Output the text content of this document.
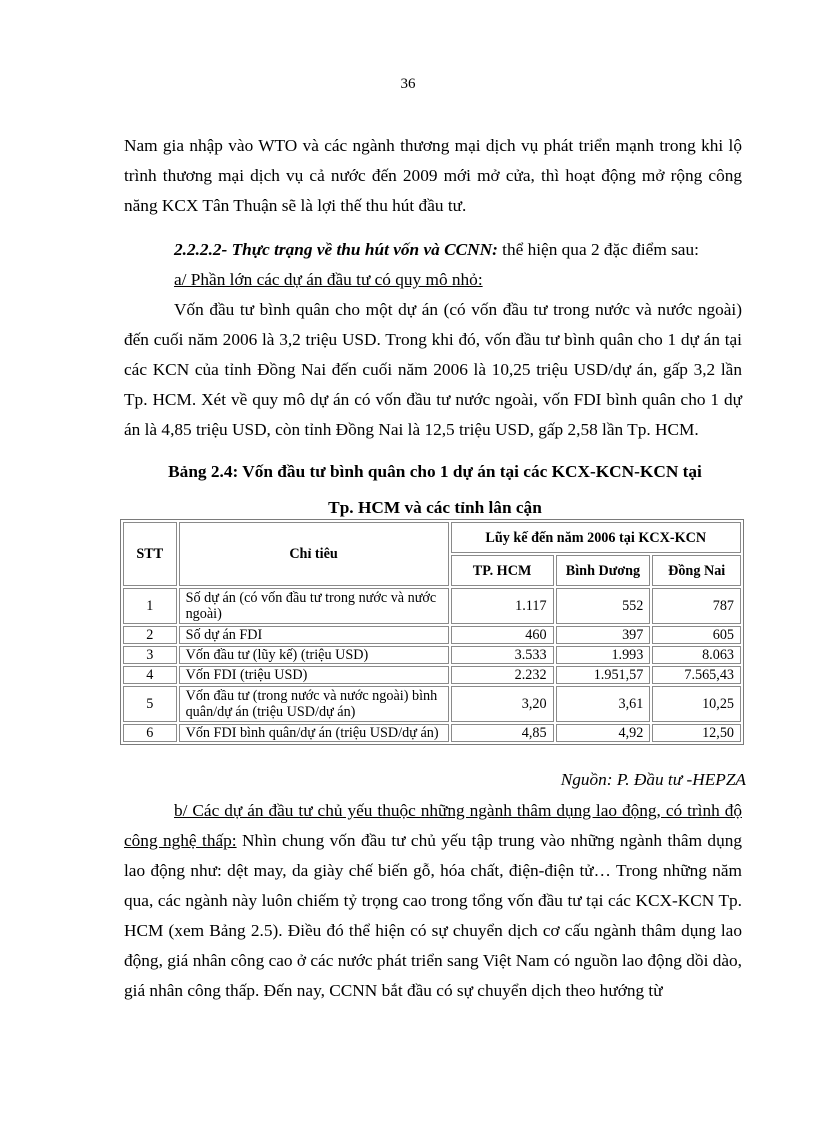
36
Nam gia nhập vào WTO và các ngành thương mại dịch vụ phát triển mạnh trong khi lộ
trình thương mại dịch vụ cả nước đến 2009 mới mở cửa, thì hoạt động mở rộng công
năng KCX Tân Thuận sẽ là lợi thế thu hút đầu tư.
2.2.2.2- Thực trạng về thu hút vốn và CCNN: thể hiện qua 2 đặc điểm sau:
a/ Phần lớn các dự án đầu tư có quy mô nhỏ:

Vốn đầu tư bình quân cho một dự án (có vốn đầu tư trong nước và nước ngoài) đến cuối năm 2006 là 3,2 triệu USD. Trong khi đó, vốn đầu tư bình quân cho 1 dự án tại các KCN của tỉnh Đồng Nai đến cuối năm 2006 là 10,25 triệu USD/dự án, gấp 3,2 lần Tp. HCM. Xét về quy mô dự án có vốn đầu tư nước ngoài, vốn FDI bình quân cho 1 dự án là 4,85 triệu USD, còn tỉnh Đồng Nai là 12,5 triệu USD, gấp 2,58 lần Tp. HCM.

Bảng 2.4: Vốn đầu tư bình quân cho 1 dự án tại các KCX-KCN-KCN tại
Tp. HCM và các tỉnh lân cận
STT	Chỉ tiêu	Lũy kế đến năm 2006 tại KCX-KCN		
		TP. HCM	Bình Dương	Đồng Nai
1	Số dự án (có vốn đầu tư trong nước và nước ngoài)	1.117	552	787
2	Số dự án FDI	460	397	605
3	Vốn đầu tư (lũy kế) (triệu USD)	3.533	1.993	8.063
4	Vốn FDI (triệu USD)	2.232	1.951,57	7.565,43
5	Vốn đầu tư (trong nước và nước ngoài) bình quân/dự án (triệu USD/dự án)	3,20	3,61	10,25
6	Vốn FDI bình quân/dự án (triệu USD/dự án)	4,85	4,92	12,50
Nguồn: P. Đầu tư -HEPZA

b/ Các dự án đầu tư chủ yếu thuộc những ngành thâm dụng lao động, có trình độ công nghệ thấp: Nhìn chung vốn đầu tư chủ yếu tập trung vào những ngành thâm dụng lao động như: dệt may, da giày chế biến gỗ, hóa chất, điện-điện tử… Trong những năm qua, các ngành này luôn chiếm tỷ trọng cao trong tổng vốn đầu tư tại các KCX-KCN Tp. HCM (xem Bảng 2.5). Điều đó thể hiện có sự chuyển dịch cơ cấu ngành thâm dụng lao động, giá nhân công cao ở các nước phát triển sang Việt Nam có nguồn lao động dồi dào, giá nhân công thấp. Đến nay, CCNN bắt đầu có sự chuyển dịch theo hướng từ
